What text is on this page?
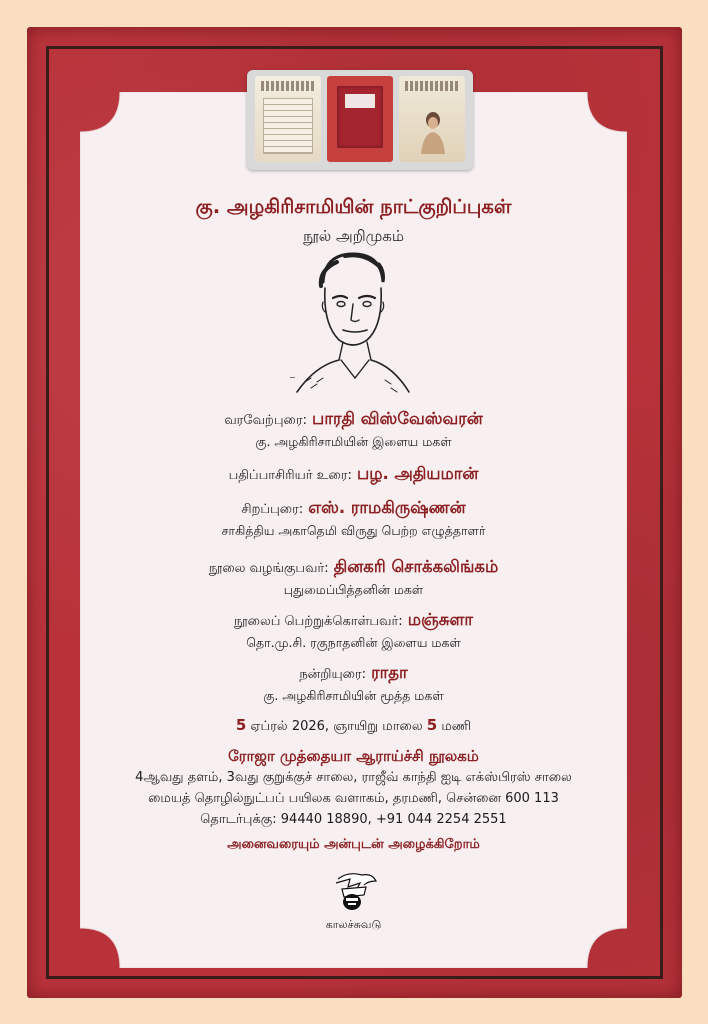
கு. அழகிரிசாமியின் நாட்குறிப்புகள்
நூல் அறிமுகம்
~
வரவேற்புரை: பாரதி விஸ்வேஸ்வரன்
கு. அழகிரிசாமியின் இளைய மகள்
பதிப்பாசிரியர் உரை: பழ. அதியமான்
சிறப்புரை: எஸ். ராமகிருஷ்ணன்
சாகித்திய அகாதெமி விருது பெற்ற எழுத்தாளர்
நூலை வழங்குபவர்: தினகரி சொக்கலிங்கம்
புதுமைப்பித்தனின் மகள்
நூலைப் பெற்றுக்கொள்பவர்: மஞ்சுளா
தொ.மு.சி. ரகுநாதனின் இளைய மகள்
நன்றியுரை: ராதா
கு. அழகிரிசாமியின் மூத்த மகள்
5 ஏப்ரல் 2026, ஞாயிறு மாலை 5 மணி
ரோஜா முத்தையா ஆராய்ச்சி நூலகம்
4ஆவது தளம், 3வது குறுக்குச் சாலை, ராஜீவ் காந்தி ஐடி எக்ஸ்பிரஸ் சாலை
மையத் தொழில்நுட்பப் பயிலக வளாகம், தரமணி, சென்னை 600 113
தொடர்புக்கு: 94440 18890, +91 044 2254 2551
அனைவரையும் அன்புடன் அழைக்கிறோம்
காலச்சுவடு
